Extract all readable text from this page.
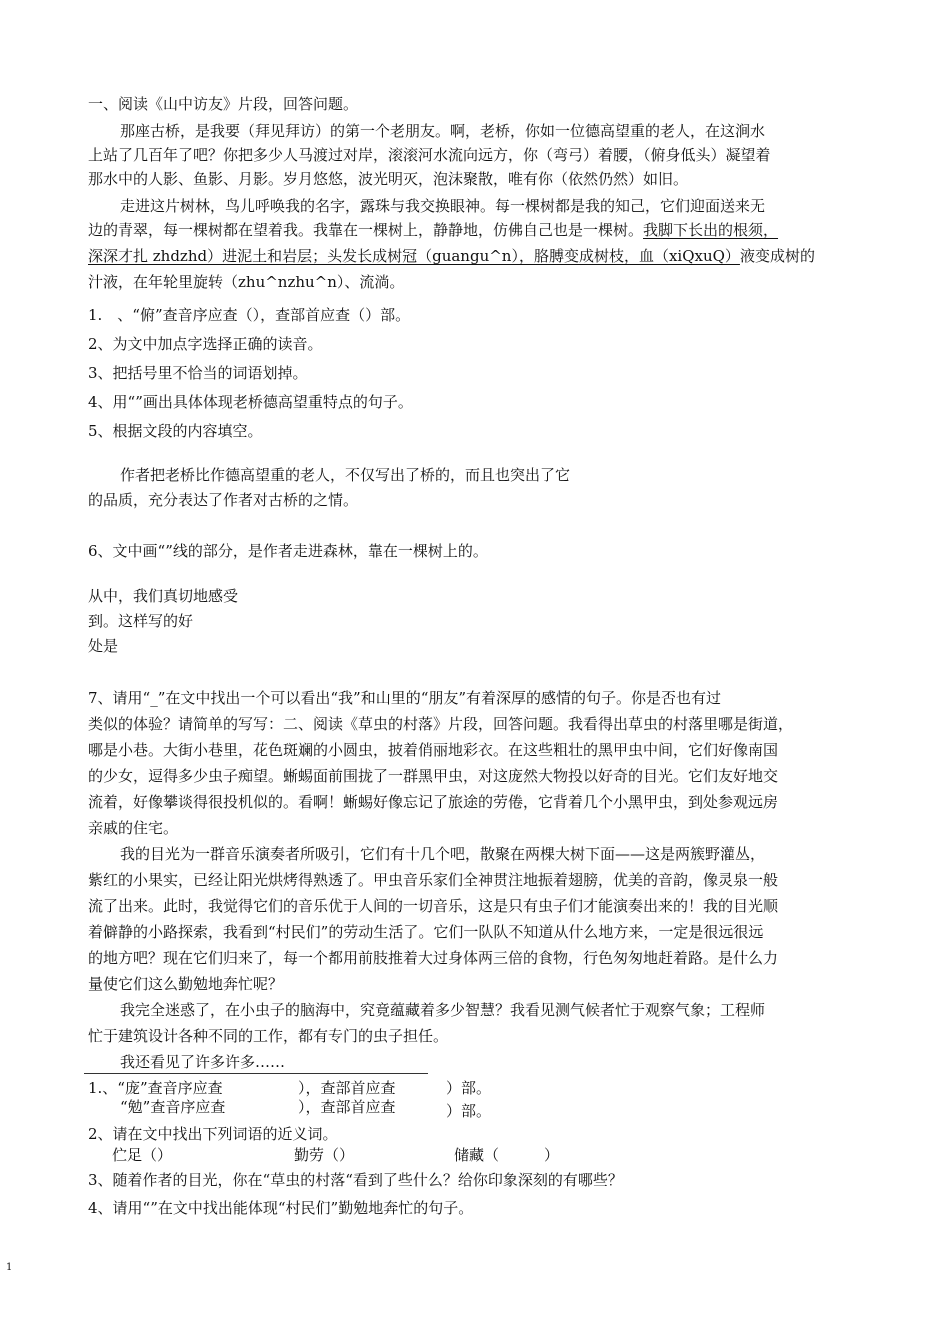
一、阅读《山中访友》片段，回答问题。
那座古桥，是我要（拜见拜访）的第一个老朋友。啊，老桥，你如一位德高望重的老人，在这涧水
上站了几百年了吧？你把多少人马渡过对岸，滚滚河水流向远方，你（弯弓）着腰，（俯身低头）凝望着
那水中的人影、鱼影、月影。岁月悠悠，波光明灭，泡沫聚散，唯有你（依然仍然）如旧。
走进这片树林，鸟儿呼唤我的名字，露珠与我交换眼神。每一棵树都是我的知己，它们迎面送来无
边的青翠，每一棵树都在望着我。我靠在一棵树上，静静地，仿佛自己也是一棵树。我脚下长出的根须，
深深才扎 zhdzhd）进泥土和岩层；头发长成树冠（guangu^n），胳膊变成树枝，血（xiQxuQ）液变成树的
汁液，在年轮里旋转（zhu^nzhu^n）、流淌。
1.　、“俯”查音序应查（），查部首应查（）部。
2、为文中加点字选择正确的读音。
3、把括号里不恰当的词语划掉。
4、用“”画出具体体现老桥德高望重特点的句子。
5、根据文段的内容填空。
作者把老桥比作德高望重的老人，不仅写出了桥的，而且也突出了它
的品质，充分表达了作者对古桥的之情。
6、文中画“”线的部分，是作者走进森林，靠在一棵树上的。
从中，我们真切地感受
到。这样写的好
处是
7、请用“_”在文中找出一个可以看出“我”和山里的“朋友”有着深厚的感情的句子。你是否也有过
类似的体验？请简单的写写：二、阅读《草虫的村落》片段，回答问题。我看得出草虫的村落里哪是街道，
哪是小巷。大街小巷里，花色斑斓的小圆虫，披着俏丽地彩衣。在这些粗壮的黑甲虫中间，它们好像南国
的少女，逗得多少虫子痴望。蜥蜴面前围拢了一群黑甲虫，对这庞然大物投以好奇的目光。它们友好地交
流着，好像攀谈得很投机似的。看啊！蜥蜴好像忘记了旅途的劳倦，它背着几个小黑甲虫，到处参观远房
亲戚的住宅。
我的目光为一群音乐演奏者所吸引，它们有十几个吧，散聚在两棵大树下面——这是两簇野灌丛，
紫红的小果实，已经让阳光烘烤得熟透了。甲虫音乐家们全神贯注地振着翅膀，优美的音韵，像灵泉一般
流了出来。此时，我觉得它们的音乐优于人间的一切音乐，这是只有虫子们才能演奏出来的！我的目光顺
着僻静的小路探索，我看到“村民们”的劳动生活了。它们一队队不知道从什么地方来，一定是很远很远
的地方吧？现在它们归来了，每一个都用前肢推着大过身体两三倍的食物，行色匆匆地赶着路。是什么力
量使它们这么勤勉地奔忙呢？
我完全迷惑了，在小虫子的脑海中，究竟蕴藏着多少智慧？我看见测气候者忙于观察气象；工程师
忙于建筑设计各种不同的工作，都有专门的虫子担任。
我还看见了许多许多……
1.、“庞”查音序应查	），查部首应查	）部。
“勉”查音序应查	），查部首应查	）部。
2、请在文中找出下列词语的近义词。
伫足（）	勤劳（）	储藏（　　　）
3、随着作者的目光，你在“草虫的村落“看到了些什么？给你印象深刻的有哪些？
4、请用“”在文中找出能体现“村民们”勤勉地奔忙的句子。
1
